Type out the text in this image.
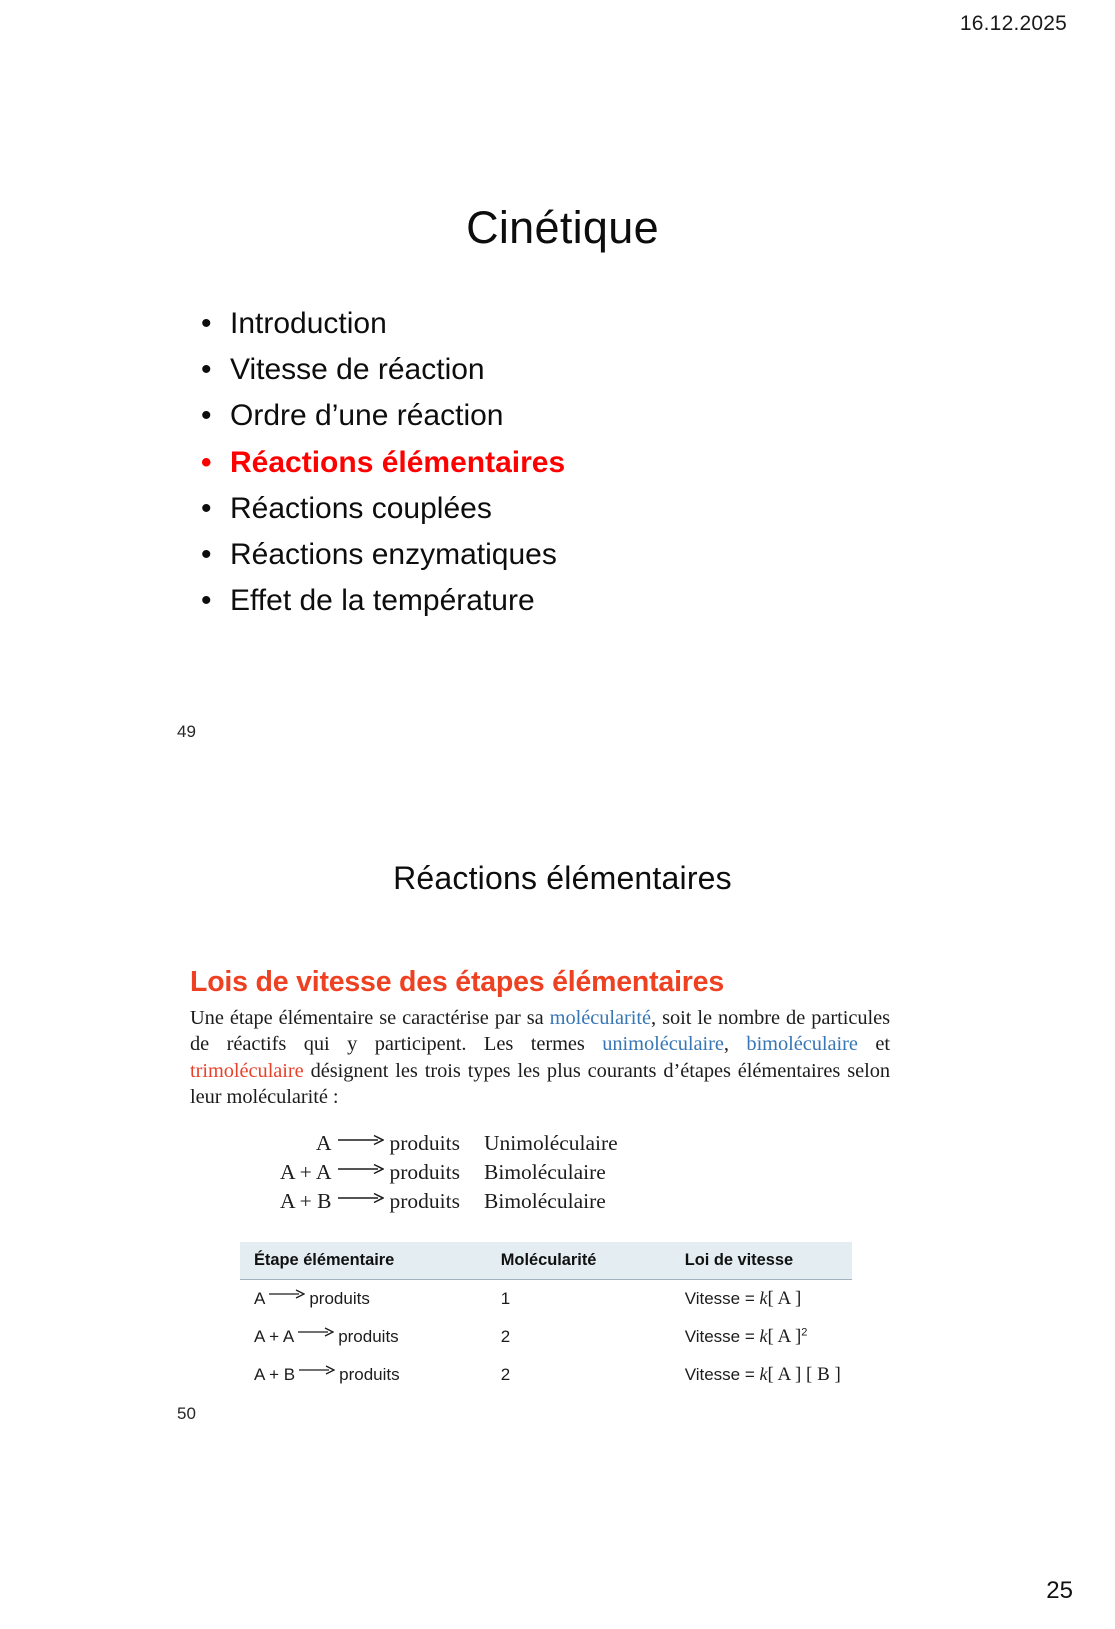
16.12.2025
Cinétique
• Introduction
• Vitesse de réaction
• Ordre d’une réaction
• Réactions élémentaires
• Réactions couplées
• Réactions enzymatiques
• Effet de la température
49
Réactions élémentaires
Lois de vitesse des étapes élémentaires

Une étape élémentaire se caractérise par sa molécularité, soit le nombre de particules de réactifs qui y participent. Les termes unimoléculaire, bimoléculaire et trimoléculaire désignent les trois types les plus courants d’étapes élémentaires selon leur molécularité :

A → produits	Unimoléculaire
A + A → produits	Bimoléculaire
A + B → produits	Bimoléculaire
Étape élémentaire	Molécularité	Loi de vitesse
A → produits	1	Vitesse = k[ A ]
A + A → produits	2	Vitesse = k[ A ]$^2$
A + B → produits	2	Vitesse = k[ A ] [ B ]
50
25
